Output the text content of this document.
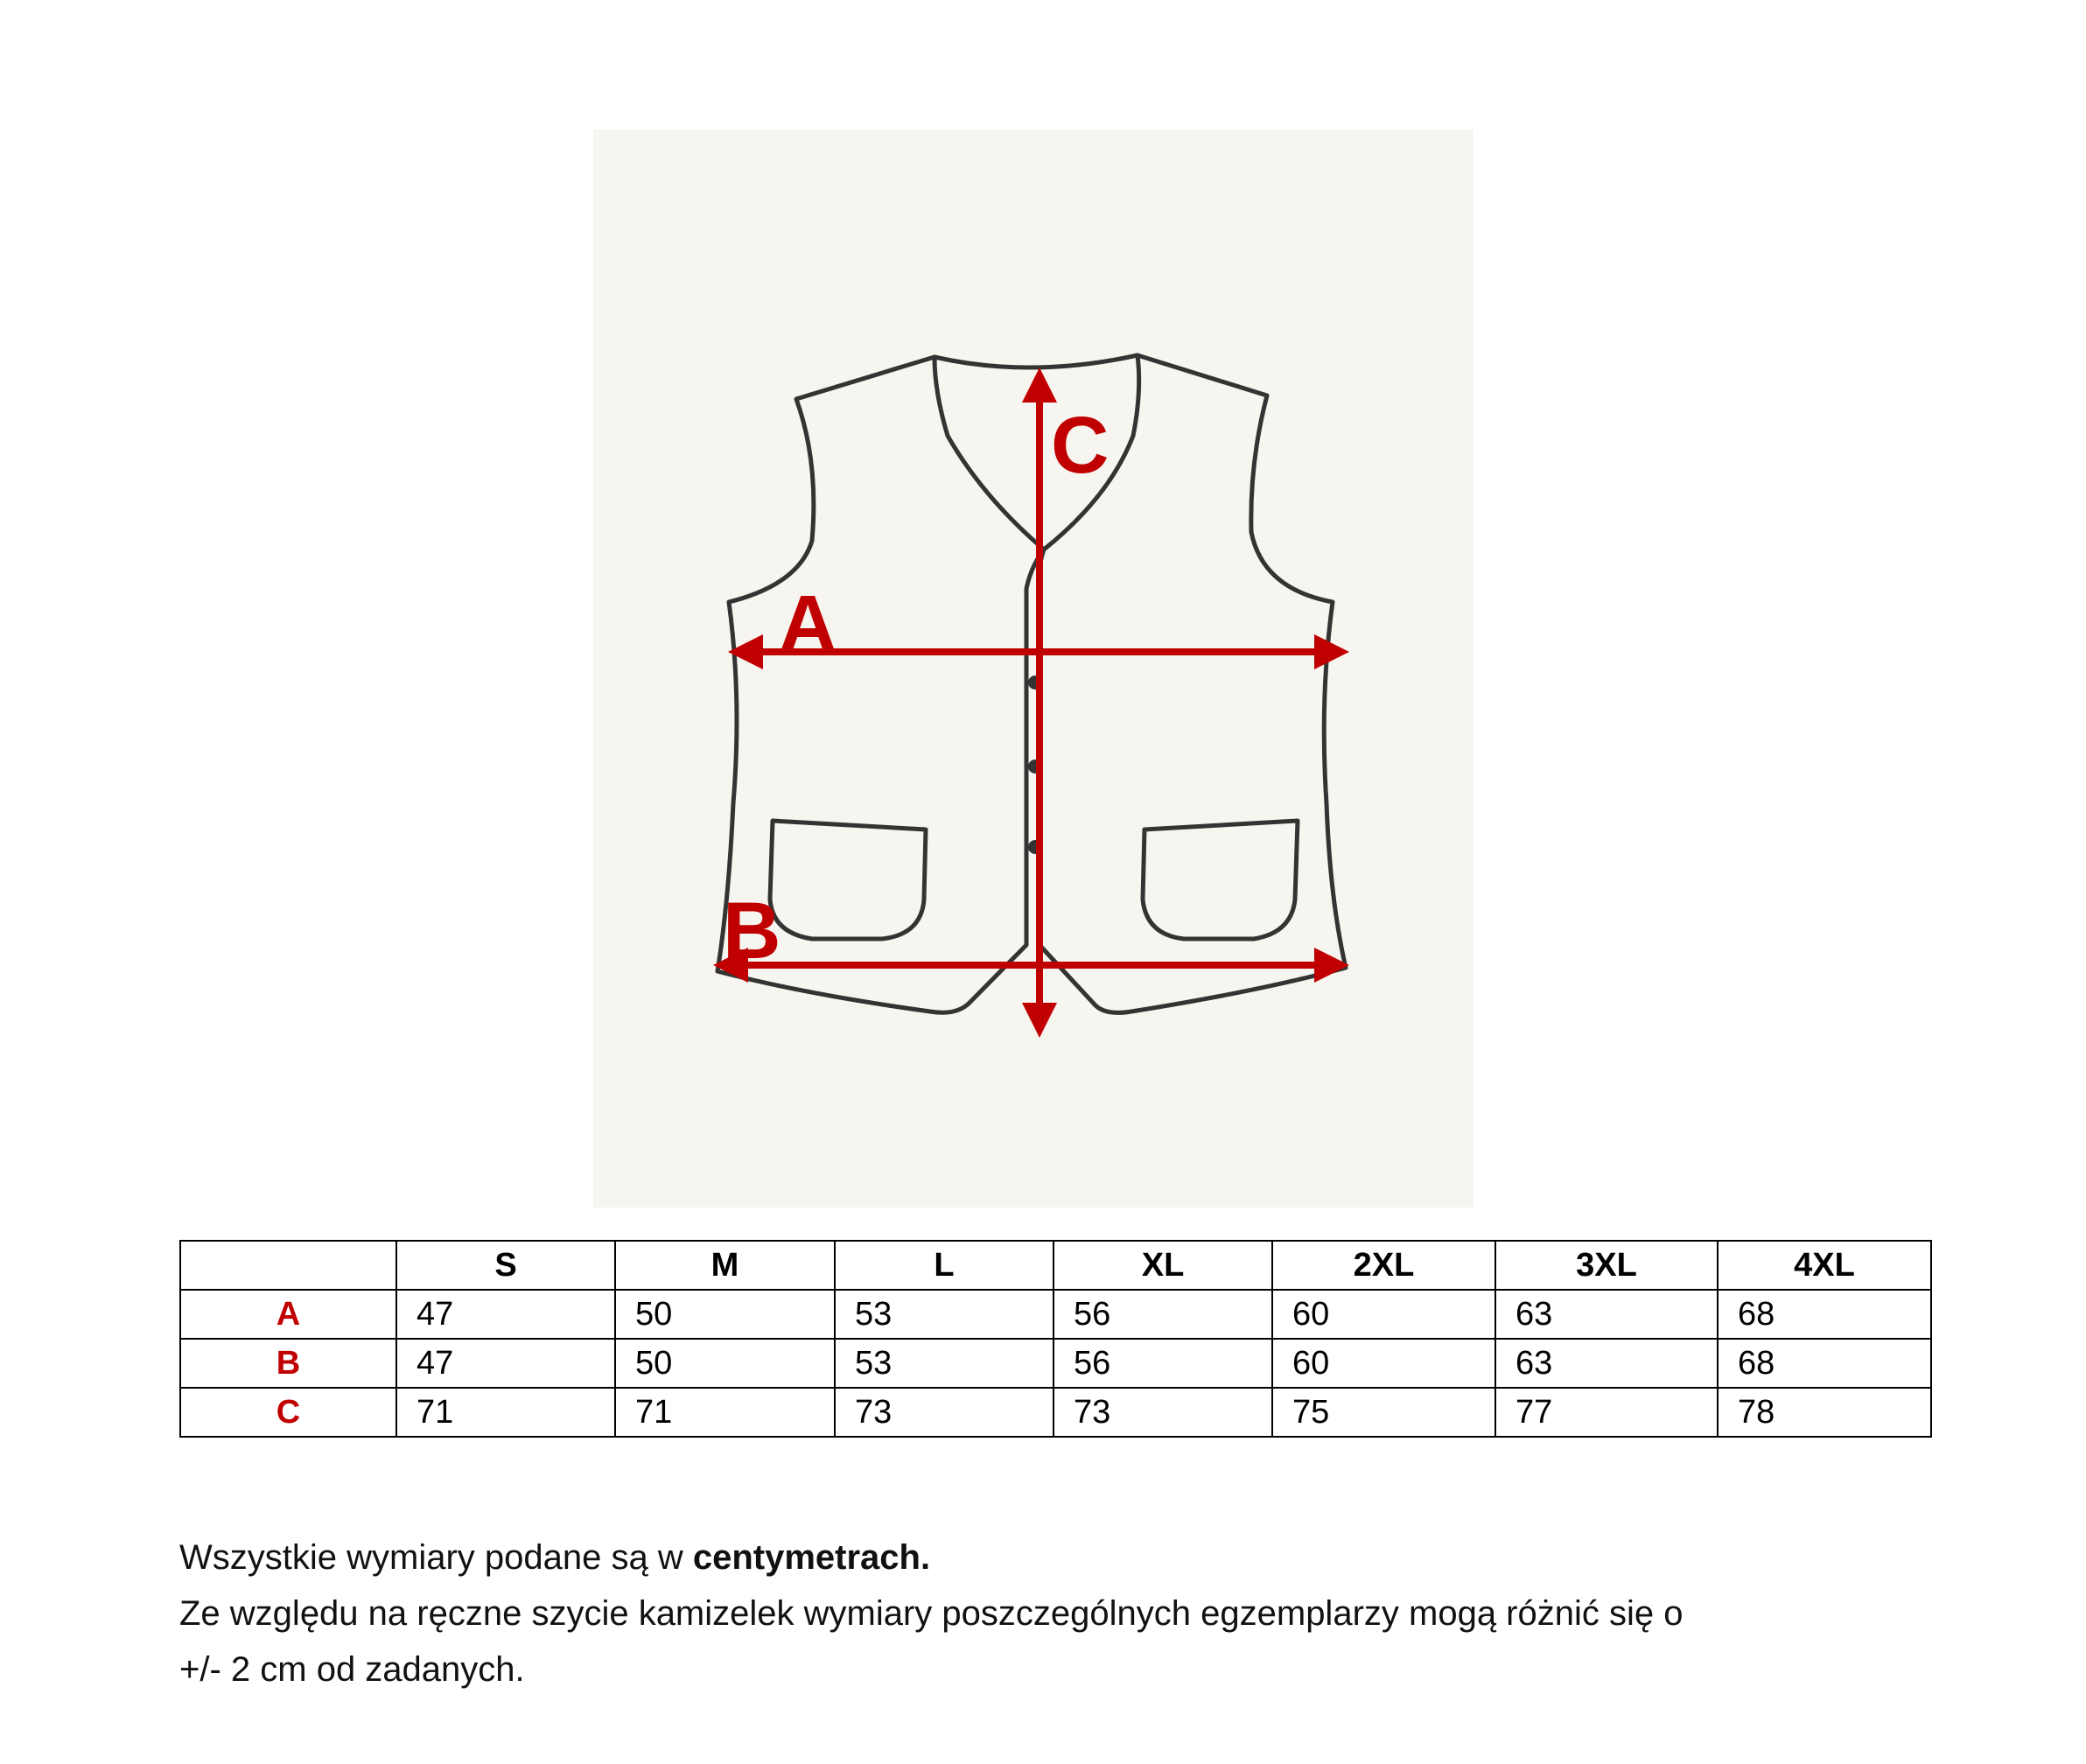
C
A
B
	S	M	L	XL	2XL	3XL	4XL
A	47	50	53	56	60	63	68
B	47	50	53	56	60	63	68
C	71	71	73	73	75	77	78

Wszystkie wymiary podane są w centymetrach.

Ze względu na ręczne szycie kamizelek wymiary poszczególnych egzemplarzy mogą różnić się o

+/- 2 cm od zadanych.
